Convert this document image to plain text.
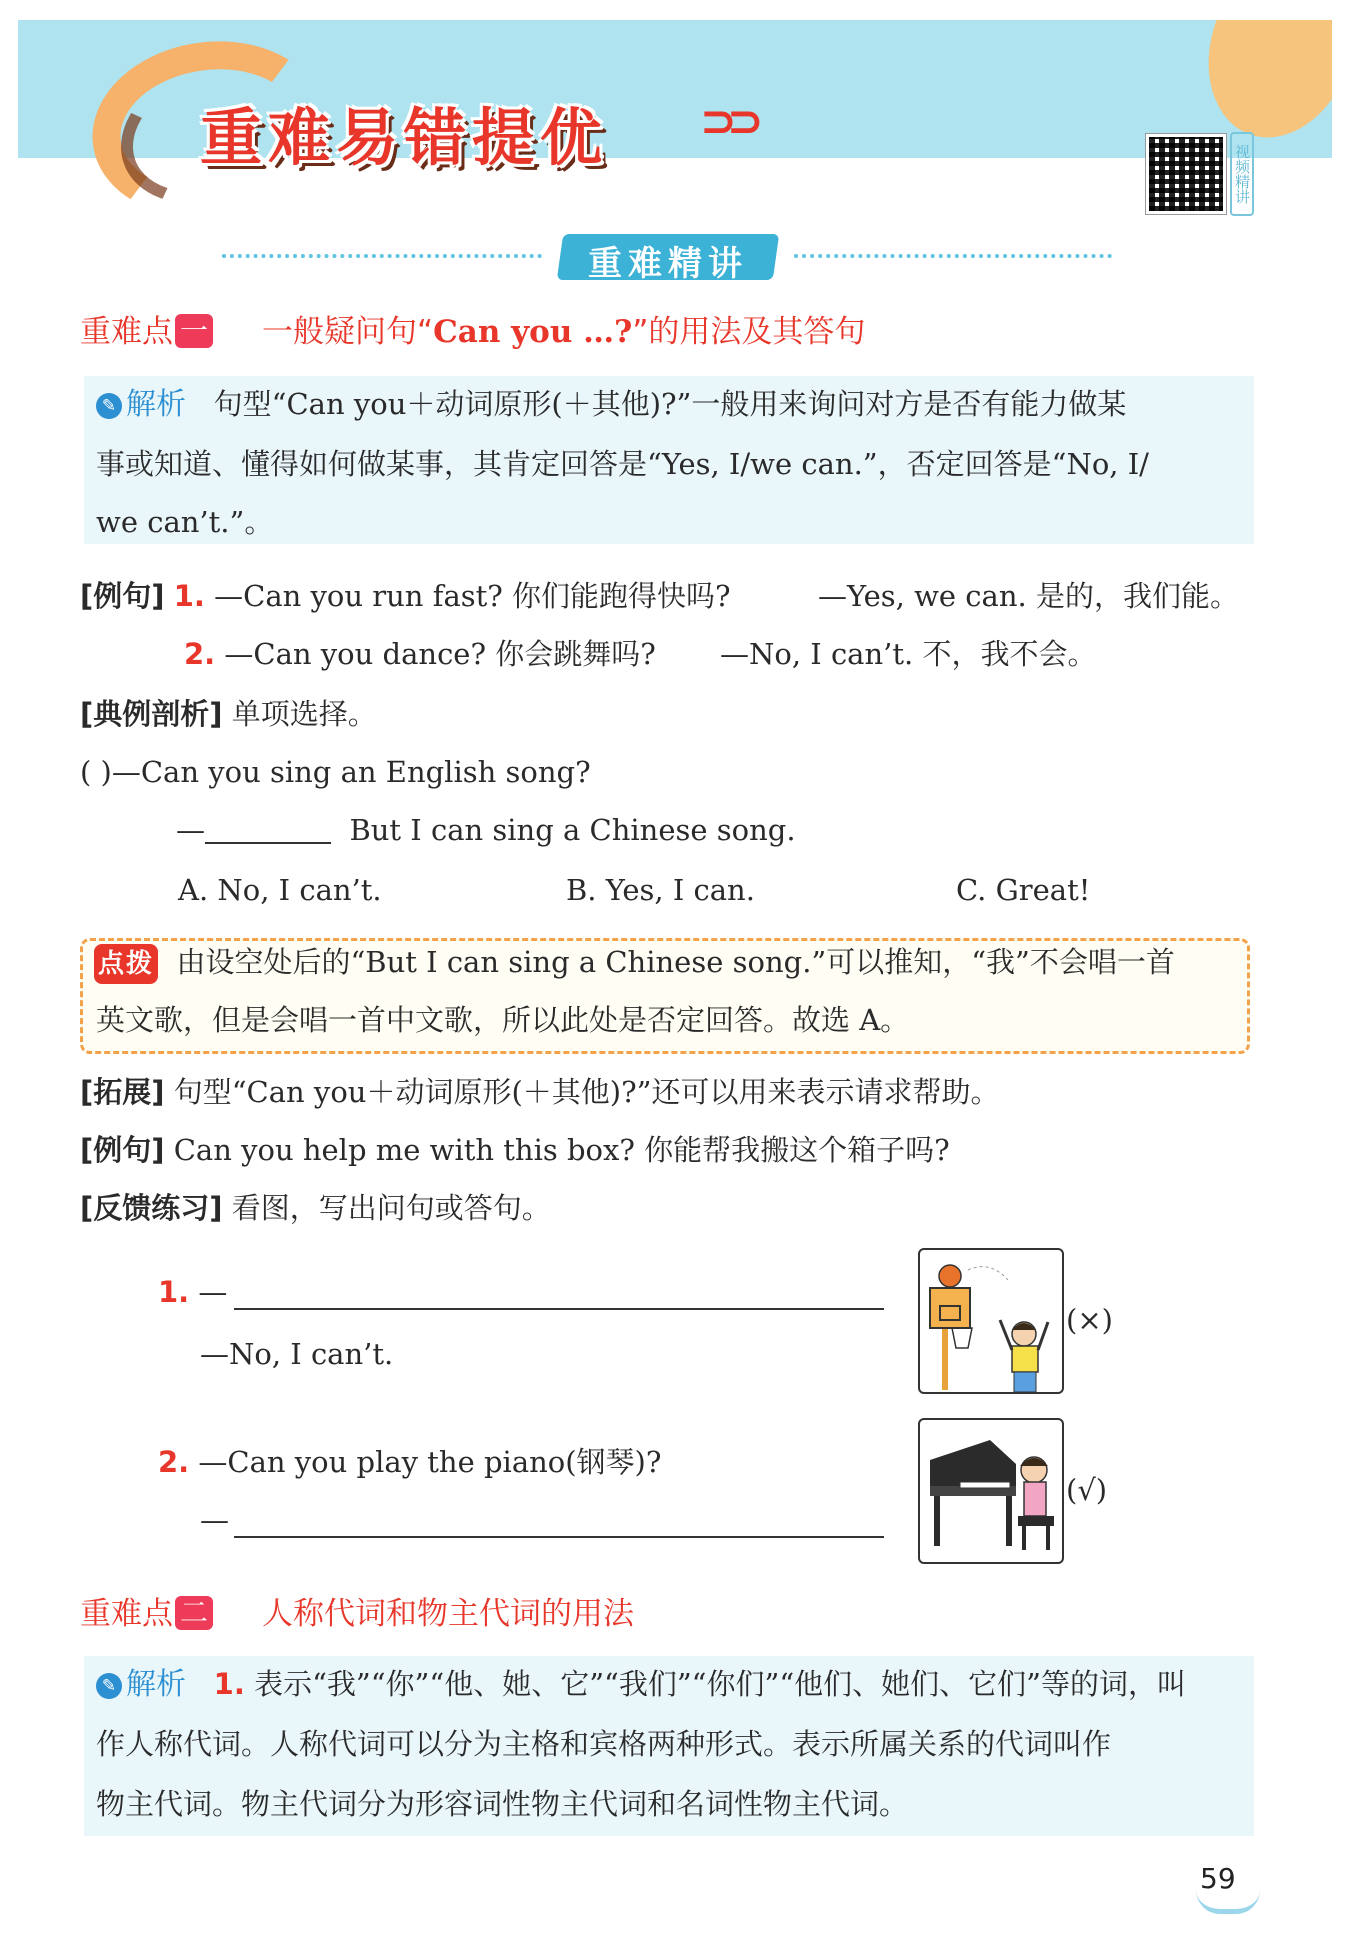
重难易错提优 ⊃⊃
视频精讲
重难精讲
重难点 一 一般疑问句“Can you …?”的用法及其答句
✎ 解析 句型“Can you＋动词原形(＋其他)?”一般用来询问对方是否有能力做某
事或知道、懂得如何做某事，其肯定回答是“Yes, I/we can.”，否定回答是“No, I/
we can’t.”。
[例句] 1. —Can you run fast? 你们能跑得快吗?	—Yes, we can. 是的，我们能。
2. —Can you dance? 你会跳舞吗? —No, I can’t. 不，我不会。
[典例剖析] 单项选择。
( )—Can you sing an English song?
—	But I can sing a Chinese song.
A. No, I can’t.	B. Yes, I can.	C. Great!
点拨 由设空处后的“But I can sing a Chinese song.”可以推知，“我”不会唱一首
英文歌，但是会唱一首中文歌，所以此处是否定回答。故选 A。
[拓展] 句型“Can you＋动词原形(＋其他)?”还可以用来表示请求帮助。
[例句] Can you help me with this box? 你能帮我搬这个箱子吗?
[反馈练习] 看图，写出问句或答句。
1. —
—No, I can’t.
(×)
2. —Can you play the piano(钢琴)?
—
(√)
重难点 二 人称代词和物主代词的用法
✎ 解析 1. 表示“我”“你”“他、她、它”“我们”“你们”“他们、她们、它们”等的词，叫
作人称代词。人称代词可以分为主格和宾格两种形式。表示所属关系的代词叫作
物主代词。物主代词分为形容词性物主代词和名词性物主代词。
59
